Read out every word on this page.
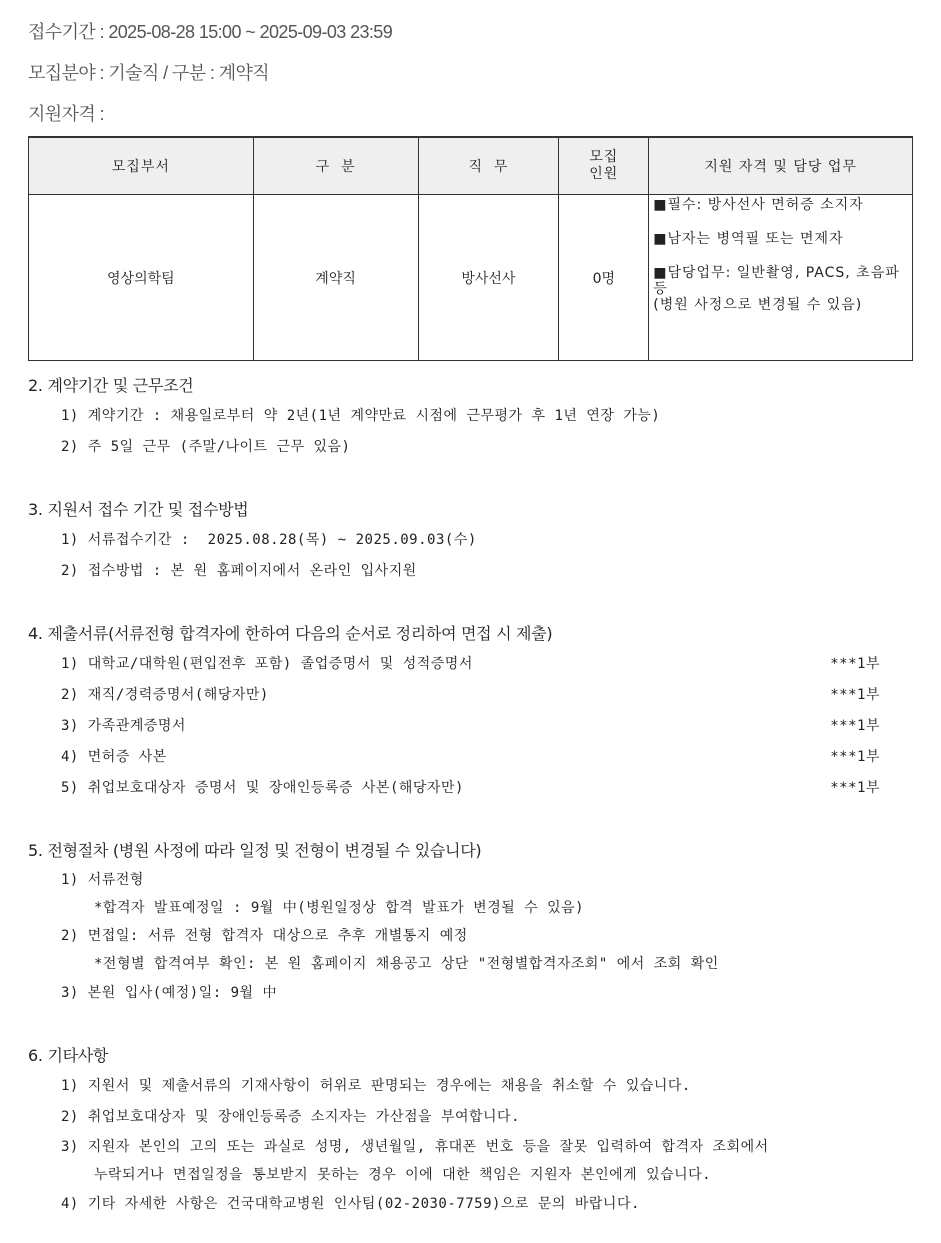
접수기간 : 2025-08-28 15:00 ~ 2025-09-03 23:59
모집분야 : 기술직 / 구분 : 계약직
지원자격 :
모집부서	구  분	직  무	모집인원	지원 자격 및 담당 업무
영상의학팀	계약직	방사선사	0명	■필수: 방사선사 면허증 소지자

■남자는 병역필 또는 면제자

■담당업무: 일반촬영, PACS, 초음파 등

(병원 사정으로 변경될 수 있음)

2. 계약기간 및 근무조건
1) 계약기간 : 채용일로부터 약 2년(1년 계약만료 시점에 근무평가 후 1년 연장 가능)
2) 주 5일 근무 (주말/나이트 근무 있음)
3. 지원서 접수 기간 및 접수방법
1) 서류접수기간 :  2025.08.28(목) ~ 2025.09.03(수)
2) 접수방법 : 본 원 홈페이지에서 온라인 입사지원
4. 제출서류(서류전형 합격자에 한하여 다음의 순서로 정리하여 면접 시 제출)
1) 대학교/대학원(편입전후 포함) 졸업증명서 및 성적증명서	***1부
2) 재직/경력증명서(해당자만)	***1부
3) 가족관계증명서	***1부
4) 면허증 사본	***1부
5) 취업보호대상자 증명서 및 장애인등록증 사본(해당자만)	***1부
5. 전형절차 (병원 사정에 따라 일정 및 전형이 변경될 수 있습니다)
1) 서류전형
*합격자 발표예정일 : 9월 中(병원일정상 합격 발표가 변경될 수 있음)
2) 면접일: 서류 전형 합격자 대상으로 추후 개별통지 예정
*전형별 합격여부 확인: 본 원 홈페이지 채용공고 상단 "전형별합격자조회" 에서 조회 확인
3) 본원 입사(예정)일: 9월 中
6. 기타사항
1) 지원서 및 제출서류의 기재사항이 허위로 판명되는 경우에는 채용을 취소할 수 있습니다.
2) 취업보호대상자 및 장애인등록증 소지자는 가산점을 부여합니다.
3) 지원자 본인의 고의 또는 과실로 성명, 생년월일, 휴대폰 번호 등을 잘못 입력하여 합격자 조회에서
누락되거나 면접일정을 통보받지 못하는 경우 이에 대한 책임은 지원자 본인에게 있습니다.
4) 기타 자세한 사항은 건국대학교병원 인사팀(02-2030-7759)으로 문의 바랍니다.
